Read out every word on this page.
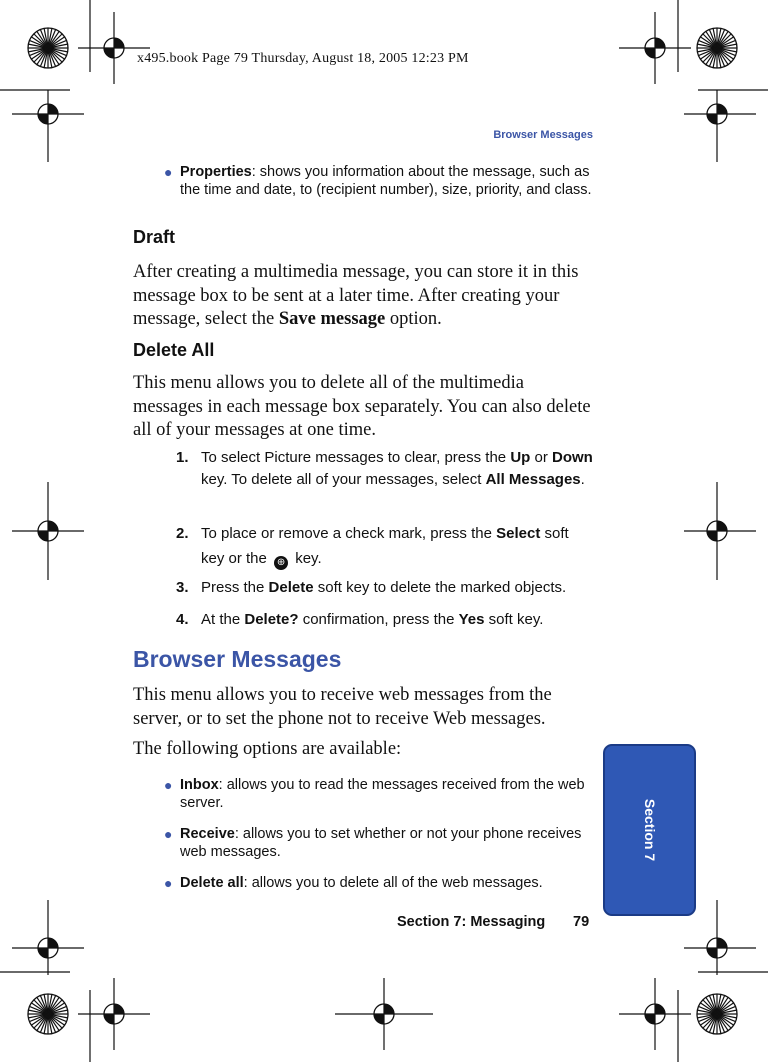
x495.book Page 79 Thursday, August 18, 2005 12:23 PM
Browser Messages
● Properties: shows you information about the message, such as the time and date, to (recipient number), size, priority, and class.
Draft
After creating a multimedia message, you can store it in this message box to be sent at a later time. After creating your message, select the Save message option.
Delete All
This menu allows you to delete all of the multimedia messages in each message box separately. You can also delete all of your messages at one time.
1. To select Picture messages to clear, press the Up or Down key. To delete all of your messages, select All Messages.
2. To place or remove a check mark, press the Select soft key or the ⊕ key.
3. Press the Delete soft key to delete the marked objects.
4. At the Delete? confirmation, press the Yes soft key.
Browser Messages
This menu allows you to receive web messages from the server, or to set the phone not to receive Web messages.
The following options are available:
● Inbox: allows you to read the messages received from the web server.
● Receive: allows you to set whether or not your phone receives web messages.
● Delete all: allows you to delete all of the web messages.
Section 7
Section 7: Messaging 79
